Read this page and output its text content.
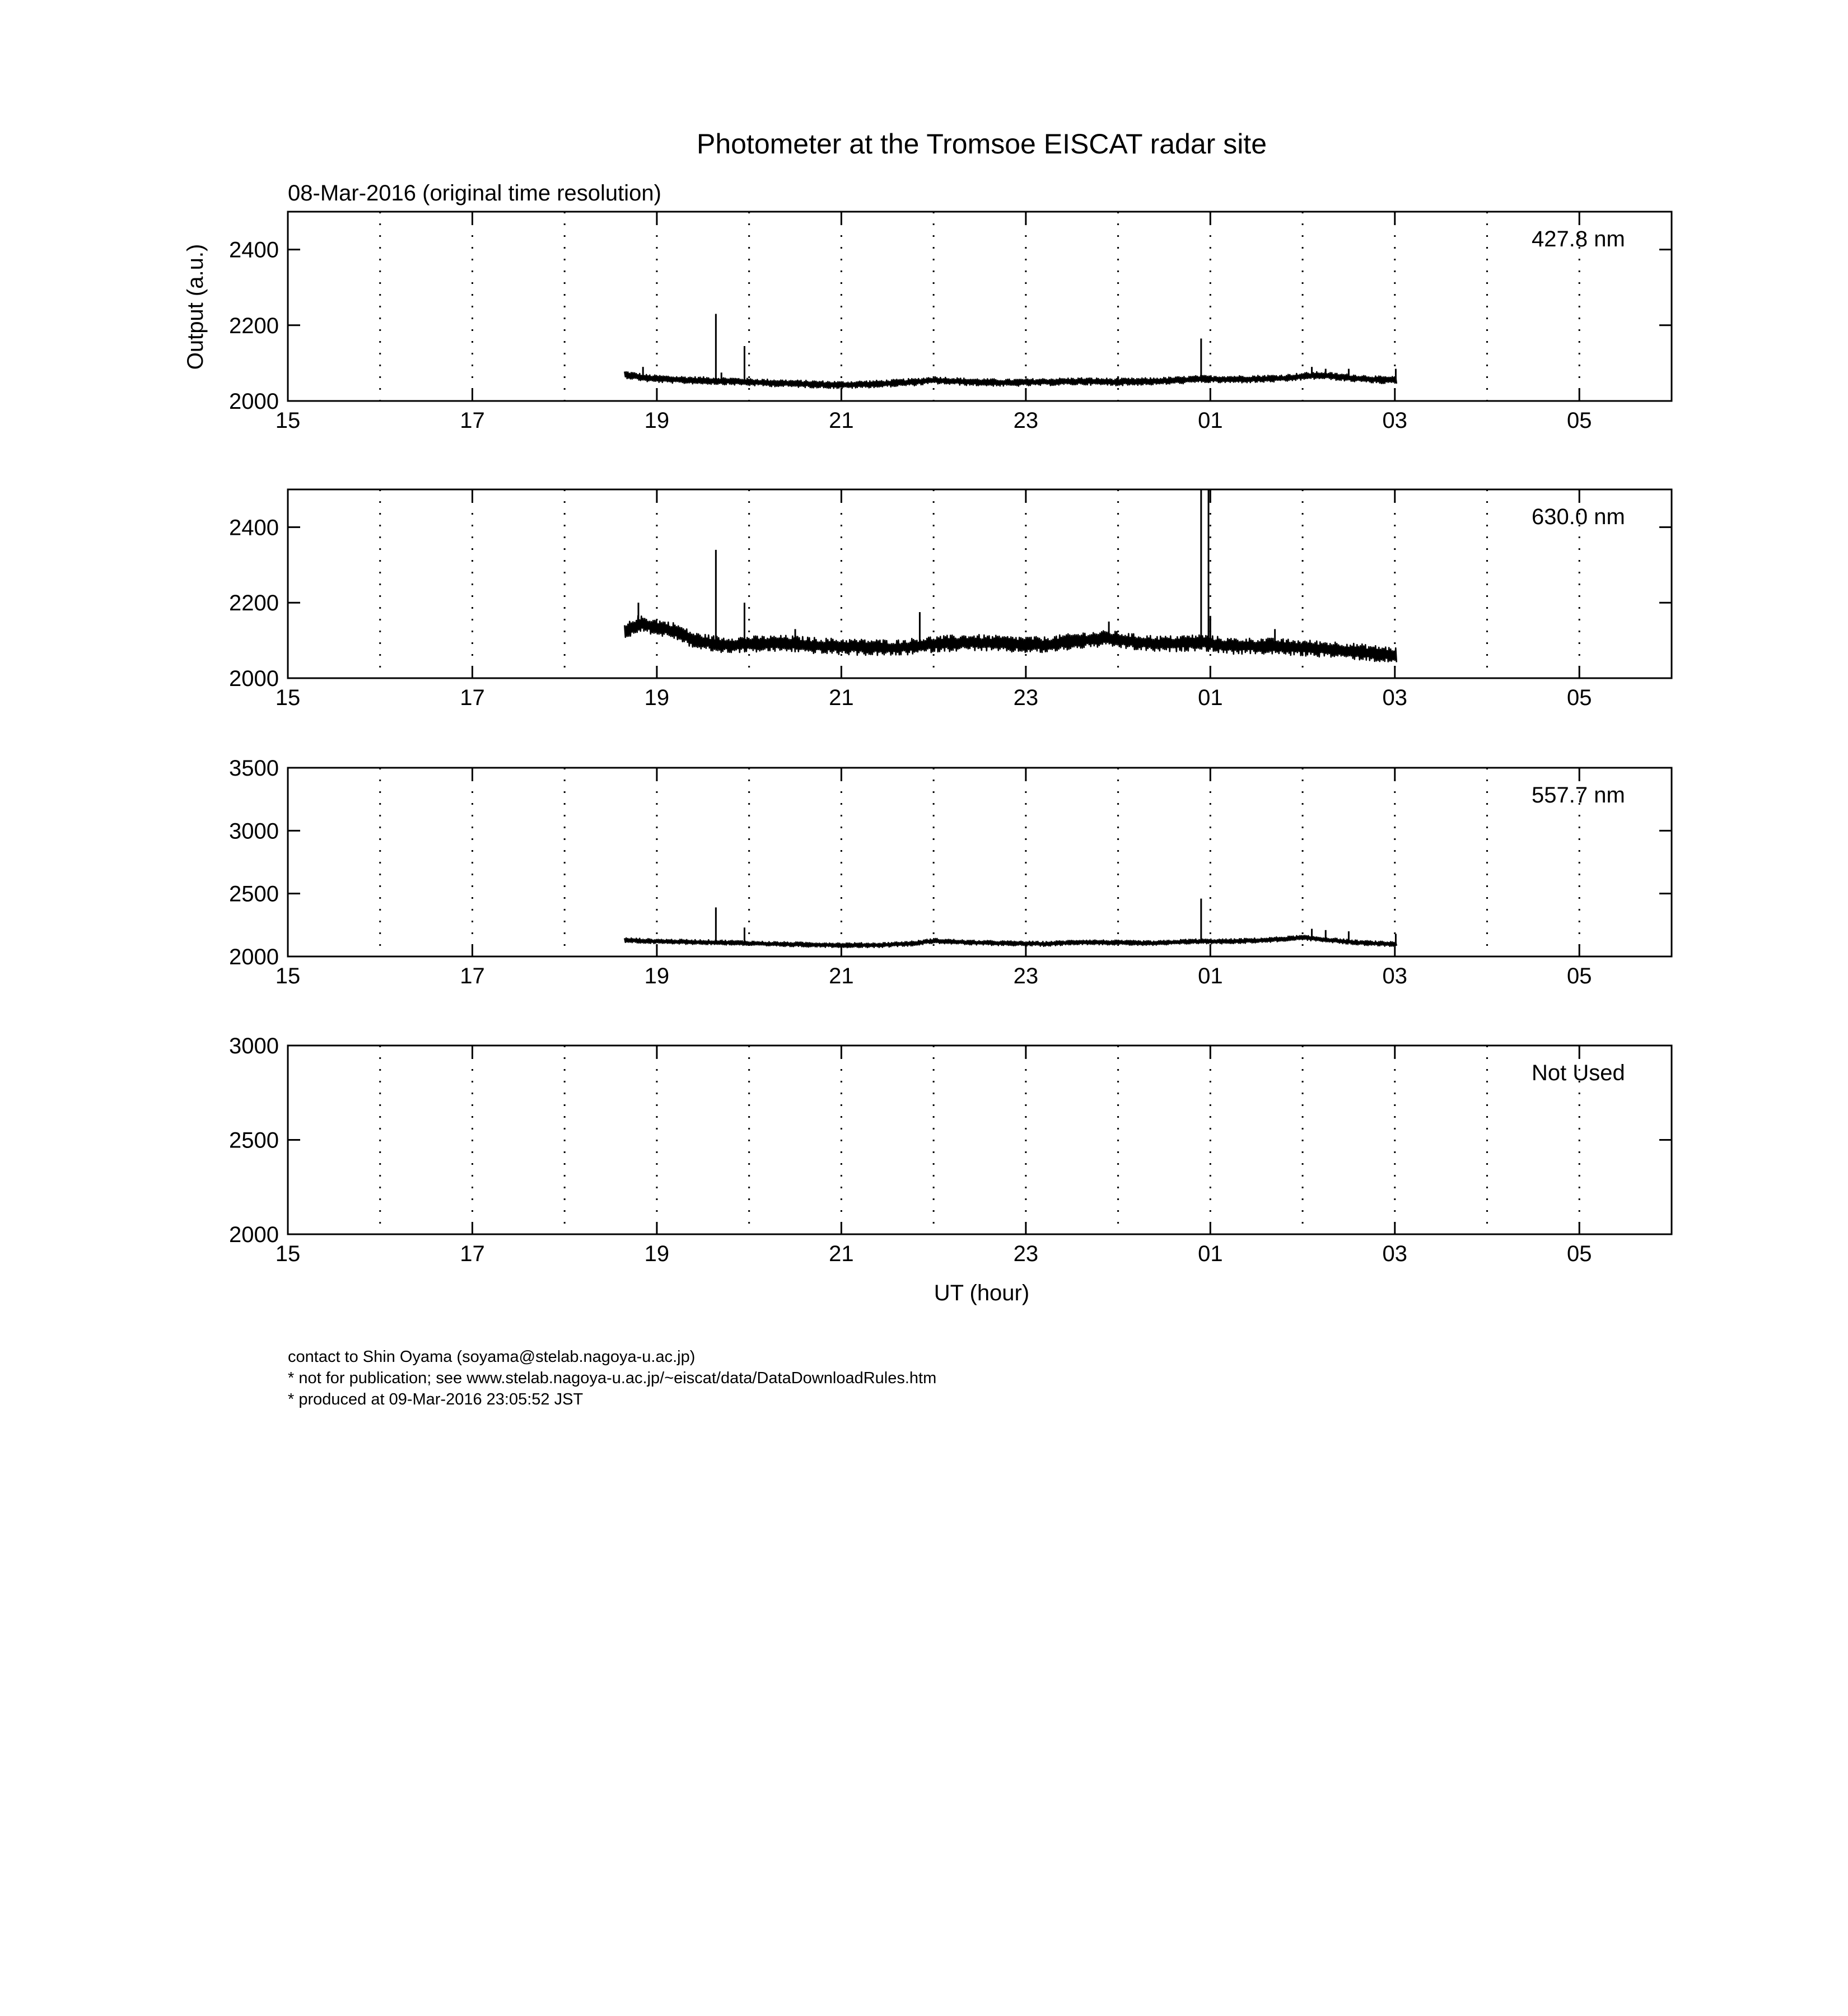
Photometer at the Tromsoe EISCAT radar site
08-Mar-2016 (original time resolution)
Output (a.u.)
UT (hour)
15	17	19	21	23	01	03	05
2000
2200
2400	427.8 nm
15	17	19	21	23	01	03	05
2000
2200
2400	630.0 nm
15	17	19	21	23	01	03	05
2000
2500
3000
3500
557.7 nm
15	17	19	21	23	01	03	05
2000
2500
3000
Not Used
contact to Shin Oyama (soyama@stelab.nagoya-u.ac.jp)
* not for publication; see www.stelab.nagoya-u.ac.jp/~eiscat/data/DataDownloadRules.htm
* produced at 09-Mar-2016 23:05:52 JST
